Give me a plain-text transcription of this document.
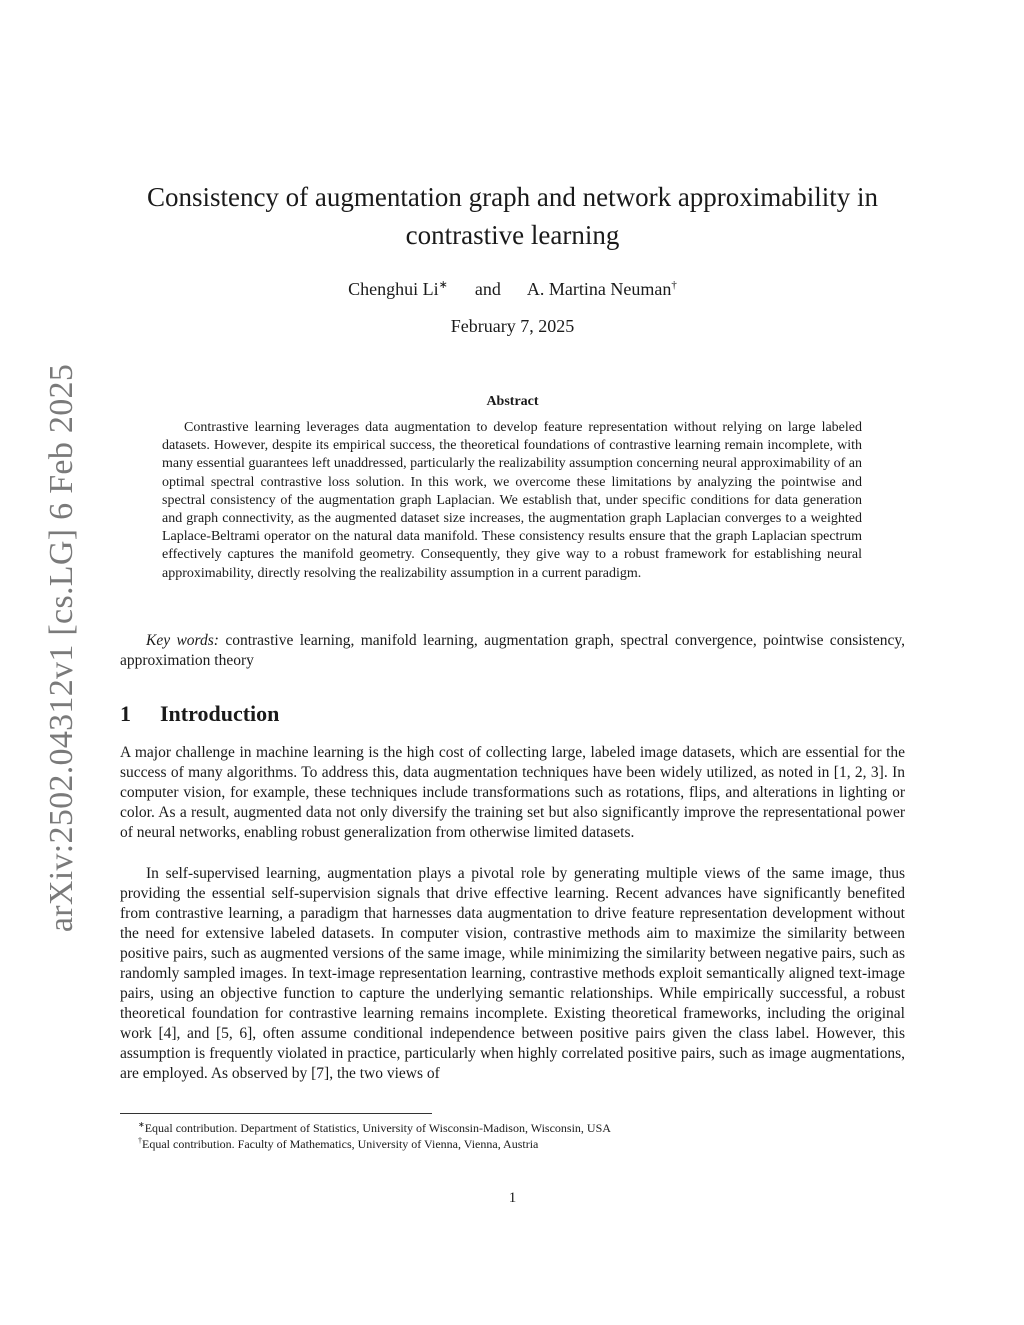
arXiv:2502.04312v1 [cs.LG] 6 Feb 2025
Consistency of augmentation graph and network approximability in contrastive learning
Chenghui Li∗ and A. Martina Neuman†
February 7, 2025
Abstract

Contrastive learning leverages data augmentation to develop feature representation without relying on large labeled datasets. However, despite its empirical success, the theoretical foundations of contrastive learning remain incomplete, with many essential guarantees left unaddressed, particularly the realizability assumption concerning neural approximability of an optimal spectral contrastive loss solution. In this work, we overcome these limitations by analyzing the pointwise and spectral consistency of the augmentation graph Laplacian. We establish that, under specific conditions for data generation and graph connectivity, as the augmented dataset size increases, the augmentation graph Laplacian converges to a weighted Laplace-Beltrami operator on the natural data manifold. These consistency results ensure that the graph Laplacian spectrum effectively captures the manifold geometry. Consequently, they give way to a robust framework for establishing neural approximability, directly resolving the realizability assumption in a current paradigm.

Key words: contrastive learning, manifold learning, augmentation graph, spectral convergence, pointwise consistency, approximation theory

1 Introduction

A major challenge in machine learning is the high cost of collecting large, labeled image datasets, which are essential for the success of many algorithms. To address this, data augmentation techniques have been widely utilized, as noted in [1, 2, 3]. In computer vision, for example, these techniques include transformations such as rotations, flips, and alterations in lighting or color. As a result, augmented data not only diversify the training set but also significantly improve the representational power of neural networks, enabling robust generalization from otherwise limited datasets.

In self-supervised learning, augmentation plays a pivotal role by generating multiple views of the same image, thus providing the essential self-supervision signals that drive effective learning. Recent advances have significantly benefited from contrastive learning, a paradigm that harnesses data augmentation to drive feature representation development without the need for extensive labeled datasets. In computer vision, contrastive methods aim to maximize the similarity between positive pairs, such as augmented versions of the same image, while minimizing the similarity between negative pairs, such as randomly sampled images. In text-image representation learning, contrastive methods exploit semantically aligned text-image pairs, using an objective function to capture the underlying semantic relationships. While empirically successful, a robust theoretical foundation for contrastive learning remains incomplete. Existing theoretical frameworks, including the original work [4], and [5, 6], often assume conditional independence between positive pairs given the class label. However, this assumption is frequently violated in practice, particularly when highly correlated positive pairs, such as image augmentations, are employed. As observed by [7], the two views of

∗Equal contribution. Department of Statistics, University of Wisconsin-Madison, Wisconsin, USA
†Equal contribution. Faculty of Mathematics, University of Vienna, Vienna, Austria
1
